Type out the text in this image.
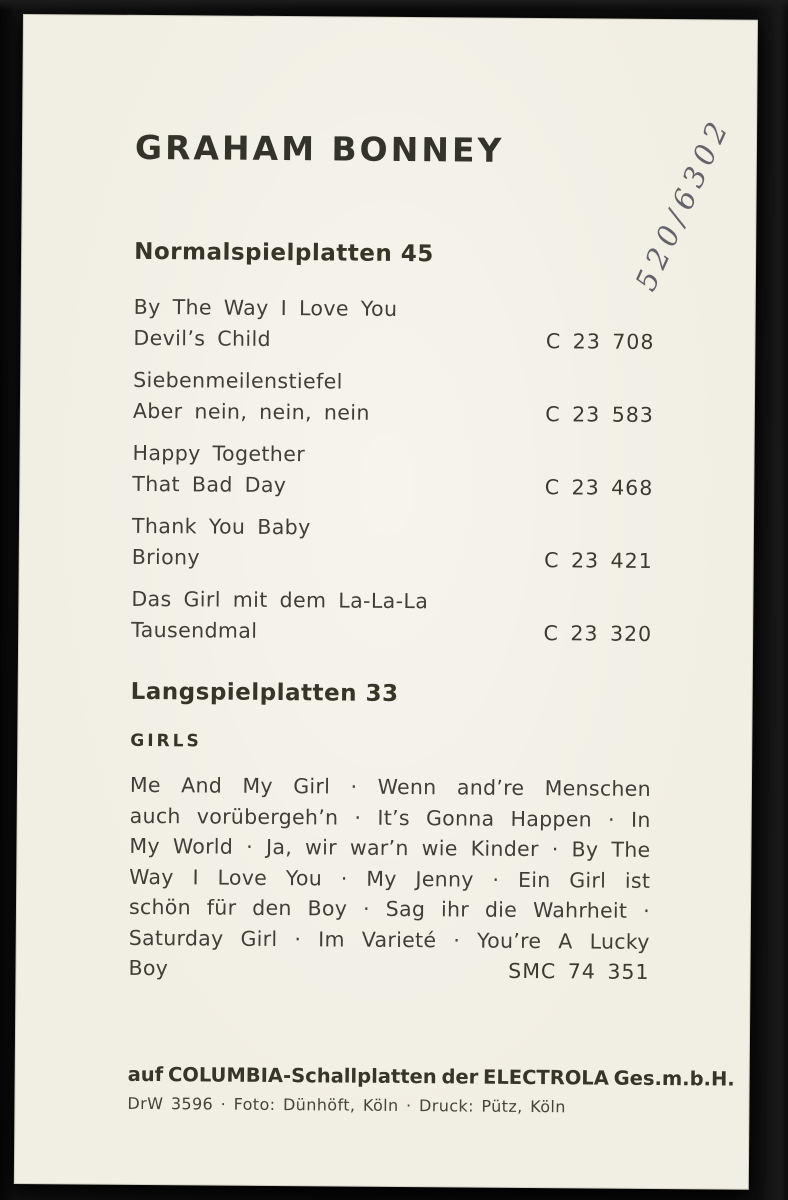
520/6302
GRAHAM BONNEY
Normalspielplatten 45
By The Way I Love You
Devil’s Child	C 23 708
Siebenmeilenstiefel
Aber nein, nein, nein	C 23 583
Happy Together
That Bad Day	C 23 468
Thank You Baby
Briony	C 23 421
Das Girl mit dem La-La-La
Tausendmal	C 23 320
Langspielplatten 33
GIRLS
Me And My Girl · Wenn and’re Menschen
auch vorübergeh’n · It’s Gonna Happen · In
My World · Ja, wir war’n wie Kinder · By The
Way I Love You · My Jenny · Ein Girl ist
schön für den Boy · Sag ihr die Wahrheit ·
Saturday Girl · Im Varieté · You’re A Lucky
Boy	SMC 74 351
auf COLUMBIA-Schallplatten der ELECTROLA Ges.m.b.H.
DrW 3596 · Foto: Dünhöft, Köln · Druck: Pütz, Köln
